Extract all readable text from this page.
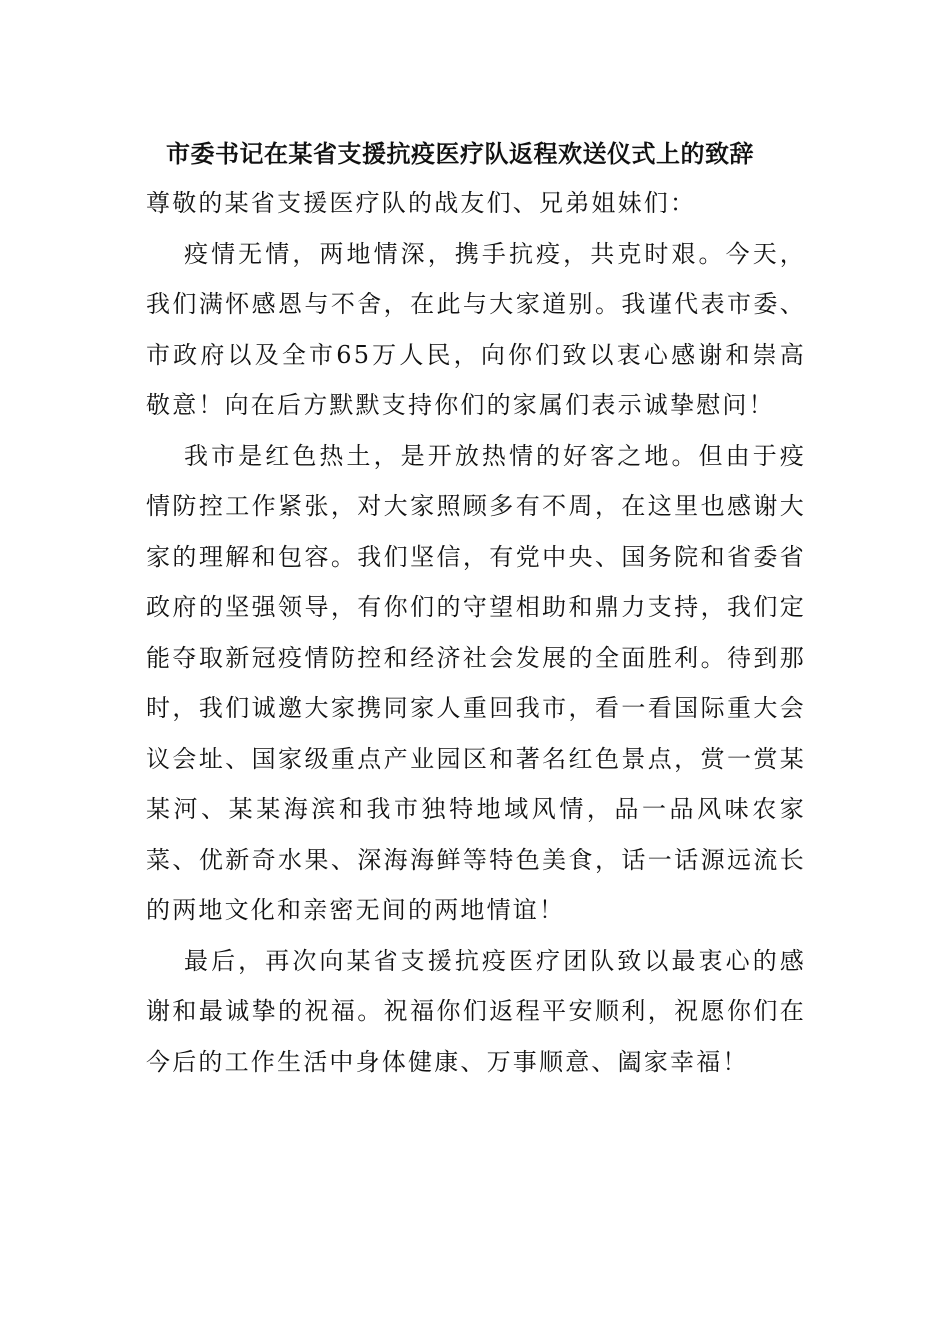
市委书记在某省支援抗疫医疗队返程欢送仪式上的致辞

尊敬的某省支援医疗队的战友们、兄弟姐妹们：

疫情无情，两地情深，携手抗疫，共克时艰。今天，我们满怀感恩与不舍，在此与大家道别。我谨代表市委、市政府以及全市65万人民，向你们致以衷心感谢和崇高敬意！向在后方默默支持你们的家属们表示诚挚慰问！

我市是红色热土，是开放热情的好客之地。但由于疫情防控工作紧张，对大家照顾多有不周，在这里也感谢大家的理解和包容。我们坚信，有党中央、国务院和省委省政府的坚强领导，有你们的守望相助和鼎力支持，我们定能夺取新冠疫情防控和经济社会发展的全面胜利。待到那时，我们诚邀大家携同家人重回我市，看一看国际重大会议会址、国家级重点产业园区和著名红色景点，赏一赏某某河、某某海滨和我市独特地域风情，品一品风味农家菜、优新奇水果、深海海鲜等特色美食，话一话源远流长的两地文化和亲密无间的两地情谊！

最后，再次向某省支援抗疫医疗团队致以最衷心的感谢和最诚挚的祝福。祝福你们返程平安顺利，祝愿你们在今后的工作生活中身体健康、万事顺意、阖家幸福！
